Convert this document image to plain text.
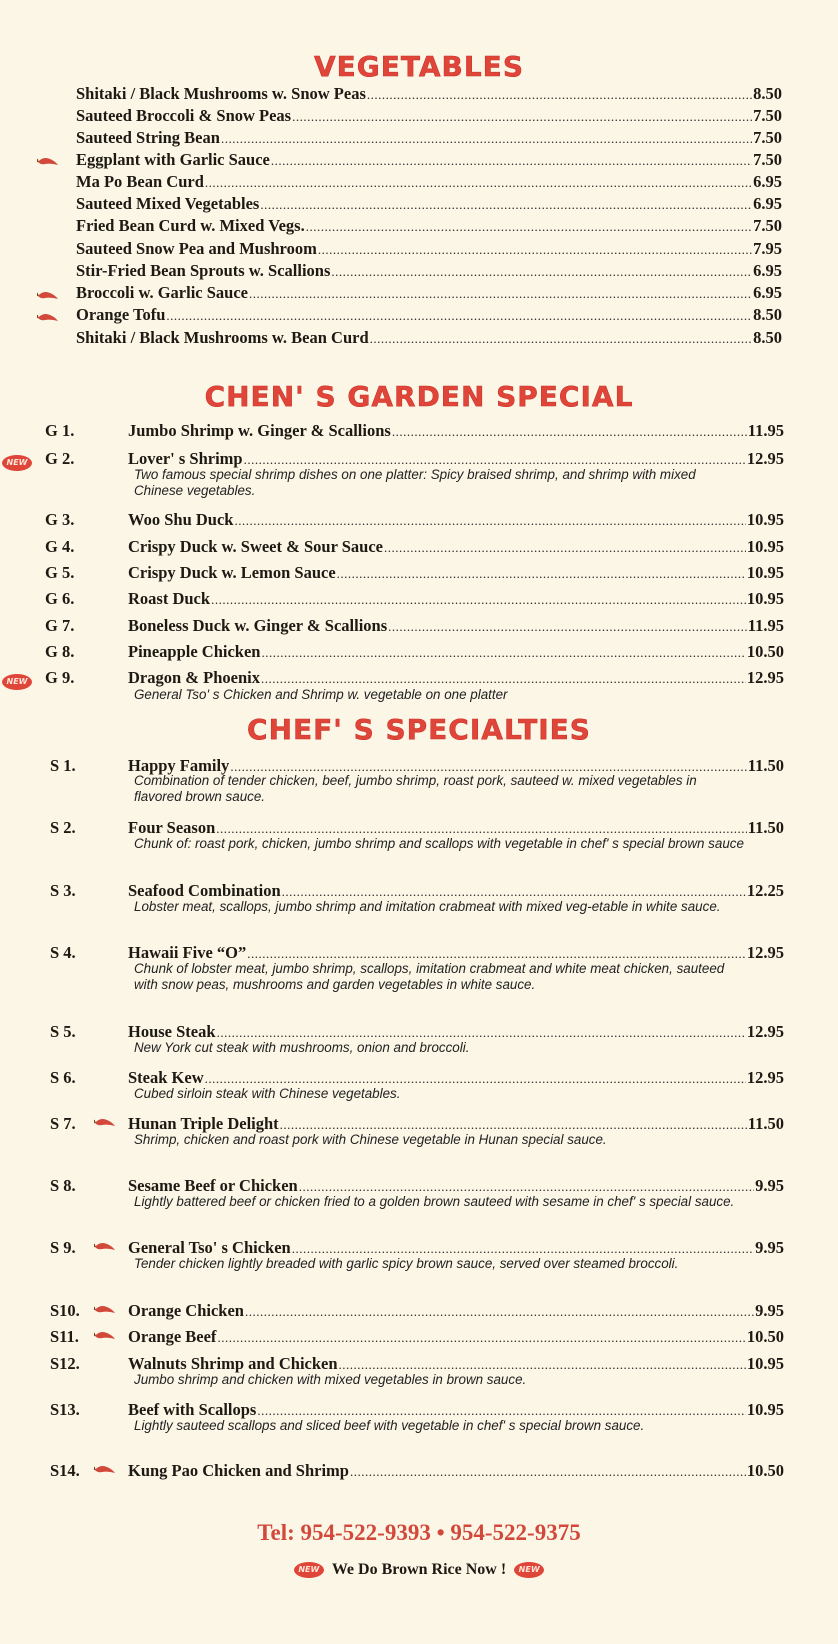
VEGETABLES
Shitaki / Black Mushrooms w. Snow Peas .....	8.50
Sauteed Broccoli & Snow Peas .....	7.50
Sauteed String Bean .....	7.50
Eggplant with Garlic Sauce .....	7.50
Ma Po Bean Curd .....	6.95
Sauteed Mixed Vegetables .....	6.95
Fried Bean Curd w. Mixed Vegs. .....	7.50
Sauteed Snow Pea and Mushroom .....	7.95
Stir-Fried Bean Sprouts w. Scallions .....	6.95
Broccoli w. Garlic Sauce .....	6.95
Orange Tofu .....	8.50
Shitaki / Black Mushrooms w. Bean Curd .....	8.50
CHEN' S GARDEN SPECIAL
G 1.	Jumbo Shrimp w. Ginger & Scallions .....	11.95
NEW G 2.	Lover' s Shrimp .....	12.95
Two famous special shrimp dishes on one platter: Spicy braised shrimp, and shrimp with mixed Chinese vegetables.
G 3.	Woo Shu Duck .....	10.95
G 4.	Crispy Duck w. Sweet & Sour Sauce .....	10.95
G 5.	Crispy Duck w. Lemon Sauce .....	10.95
G 6.	Roast Duck .....	10.95
G 7.	Boneless Duck w. Ginger & Scallions .....	11.95
G 8.	Pineapple Chicken .....	10.50
NEW G 9.	Dragon & Phoenix .....	12.95
General Tso' s Chicken and Shrimp w. vegetable on one platter
CHEF' S SPECIALTIES
S 1.	Happy Family .....	11.50
Combination of tender chicken, beef, jumbo shrimp, roast pork, sauteed w. mixed vegetables in flavored brown sauce.
S 2.	Four Season .....	11.50
Chunk of: roast pork, chicken, jumbo shrimp and scallops with vegetable in chef' s special brown sauce
S 3.	Seafood Combination .....	12.25
Lobster meat, scallops, jumbo shrimp and imitation crabmeat with mixed veg-etable in white sauce.
S 4.	Hawaii Five “O” .....	12.95
Chunk of lobster meat, jumbo shrimp, scallops, imitation crabmeat and white meat chicken, sauteed with snow peas, mushrooms and garden vegetables in white sauce.
S 5.	House Steak .....	12.95
New York cut steak with mushrooms, onion and broccoli.
S 6.	Steak Kew .....	12.95
Cubed sirloin steak with Chinese vegetables.
S 7.	Hunan Triple Delight .....	11.50
Shrimp, chicken and roast pork with Chinese vegetable in Hunan special sauce.
S 8.	Sesame Beef or Chicken .....	9.95
Lightly battered beef or chicken fried to a golden brown sauteed with sesame in chef' s special sauce.
S 9.	General Tso' s Chicken .....	9.95
Tender chicken lightly breaded with garlic spicy brown sauce, served over steamed broccoli.
S10.	Orange Chicken .....	9.95
S11.	Orange Beef .....	10.50
S12.	Walnuts Shrimp and Chicken .....	10.95
Jumbo shrimp and chicken with mixed vegetables in brown sauce.
S13.	Beef with Scallops .....	10.95
Lightly sauteed scallops and sliced beef with vegetable in chef' s special brown sauce.
S14.	Kung Pao Chicken and Shrimp .....	10.50
Tel: 954-522-9393 • 954-522-9375
NEW We Do Brown Rice Now ! NEW
